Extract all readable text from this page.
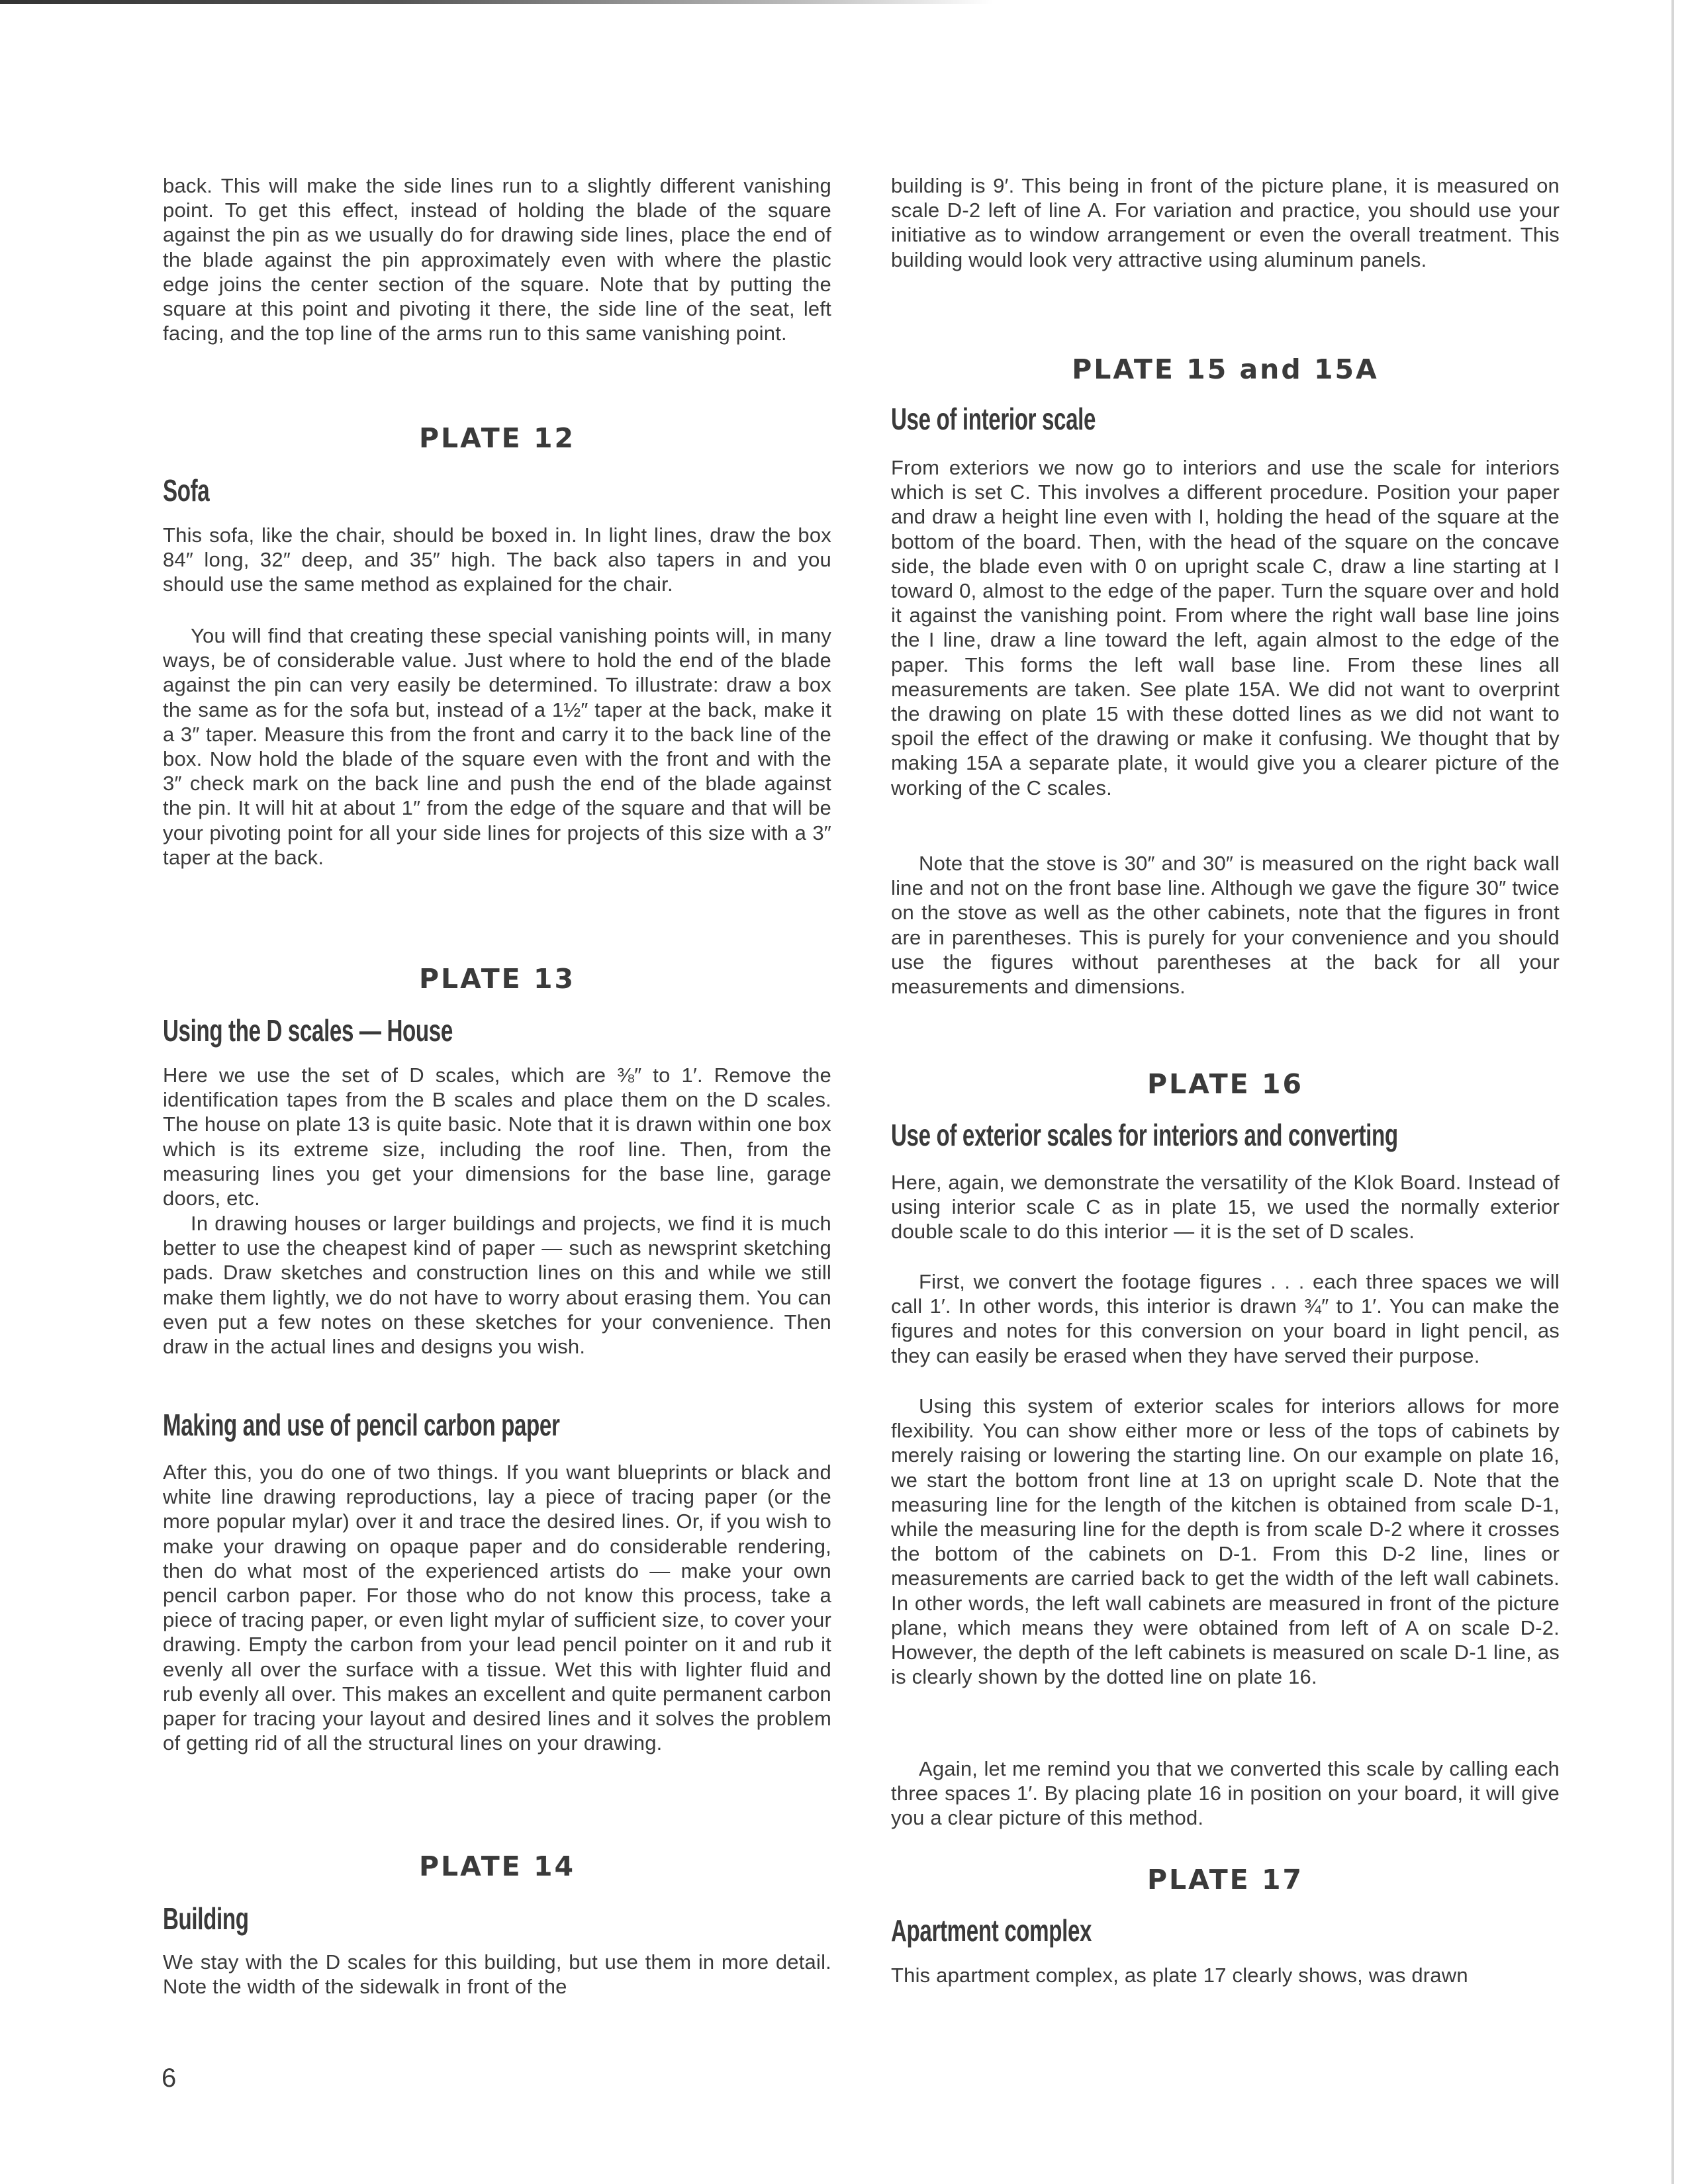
back. This will make the side lines run to a slightly different vanishing point. To get this effect, instead of holding the blade of the square against the pin as we usually do for drawing side lines, place the end of the blade against the pin approximately even with where the plastic edge joins the center section of the square. Note that by putting the square at this point and pivoting it there, the side line of the seat, left facing, and the top line of the arms run to this same vanishing point.

PLATE 12
Sofa

This sofa, like the chair, should be boxed in. In light lines, draw the box 84″ long, 32″ deep, and 35″ high. The back also tapers in and you should use the same method as explained for the chair.

You will find that creating these special vanishing points will, in many ways, be of considerable value. Just where to hold the end of the blade against the pin can very easily be determined. To illustrate: draw a box the same as for the sofa but, instead of a 1½″ taper at the back, make it a 3″ taper. Measure this from the front and carry it to the back line of the box. Now hold the blade of the square even with the front and with the 3″ check mark on the back line and push the end of the blade against the pin. It will hit at about 1″ from the edge of the square and that will be your pivoting point for all your side lines for projects of this size with a 3″ taper at the back.

PLATE 13
Using the D scales — House

Here we use the set of D scales, which are ⅜″ to 1′. Remove the identification tapes from the B scales and place them on the D scales. The house on plate 13 is quite basic. Note that it is drawn within one box which is its extreme size, including the roof line. Then, from the measuring lines you get your dimensions for the base line, garage doors, etc.

In drawing houses or larger buildings and projects, we find it is much better to use the cheapest kind of paper — such as newsprint sketching pads. Draw sketches and construction lines on this and while we still make them lightly, we do not have to worry about erasing them. You can even put a few notes on these sketches for your convenience. Then draw in the actual lines and designs you wish.

Making and use of pencil carbon paper

After this, you do one of two things. If you want blueprints or black and white line drawing reproductions, lay a piece of tracing paper (or the more popular mylar) over it and trace the desired lines. Or, if you wish to make your drawing on opaque paper and do considerable rendering, then do what most of the experienced artists do — make your own pencil carbon paper. For those who do not know this process, take a piece of tracing paper, or even light mylar of sufficient size, to cover your drawing. Empty the carbon from your lead pencil pointer on it and rub it evenly all over the surface with a tissue. Wet this with lighter fluid and rub evenly all over. This makes an excellent and quite permanent carbon paper for tracing your layout and desired lines and it solves the problem of getting rid of all the structural lines on your drawing.

PLATE 14
Building

We stay with the D scales for this building, but use them in more detail. Note the width of the sidewalk in front of the

building is 9′. This being in front of the picture plane, it is measured on scale D-2 left of line A. For variation and practice, you should use your initiative as to window arrangement or even the overall treatment. This building would look very attractive using aluminum panels.

PLATE 15 and 15A
Use of interior scale

From exteriors we now go to interiors and use the scale for interiors which is set C. This involves a different procedure. Position your paper and draw a height line even with I, holding the head of the square at the bottom of the board. Then, with the head of the square on the concave side, the blade even with 0 on upright scale C, draw a line starting at I toward 0, almost to the edge of the paper. Turn the square over and hold it against the vanishing point. From where the right wall base line joins the I line, draw a line toward the left, again almost to the edge of the paper. This forms the left wall base line. From these lines all measurements are taken. See plate 15A. We did not want to overprint the drawing on plate 15 with these dotted lines as we did not want to spoil the effect of the drawing or make it confusing. We thought that by making 15A a separate plate, it would give you a clearer picture of the working of the C scales.

Note that the stove is 30″ and 30″ is measured on the right back wall line and not on the front base line. Although we gave the figure 30″ twice on the stove as well as the other cabinets, note that the figures in front are in parentheses. This is purely for your convenience and you should use the figures without parentheses at the back for all your measurements and dimensions.

PLATE 16
Use of exterior scales for interiors and converting

Here, again, we demonstrate the versatility of the Klok Board. Instead of using interior scale C as in plate 15, we used the normally exterior double scale to do this interior — it is the set of D scales.

First, we convert the footage figures . . . each three spaces we will call 1′. In other words, this interior is drawn ¾″ to 1′. You can make the figures and notes for this conversion on your board in light pencil, as they can easily be erased when they have served their purpose.

Using this system of exterior scales for interiors allows for more flexibility. You can show either more or less of the tops of cabinets by merely raising or lowering the starting line. On our example on plate 16, we start the bottom front line at 13 on upright scale D. Note that the measuring line for the length of the kitchen is obtained from scale D-1, while the measuring line for the depth is from scale D-2 where it crosses the bottom of the cabinets on D-1. From this D-2 line, lines or measurements are carried back to get the width of the left wall cabinets. In other words, the left wall cabinets are measured in front of the picture plane, which means they were obtained from left of A on scale D-2. However, the depth of the left cabinets is measured on scale D-1 line, as is clearly shown by the dotted line on plate 16.

Again, let me remind you that we converted this scale by calling each three spaces 1′. By placing plate 16 in position on your board, it will give you a clear picture of this method.

PLATE 17
Apartment complex

This apartment complex, as plate 17 clearly shows, was drawn

6
